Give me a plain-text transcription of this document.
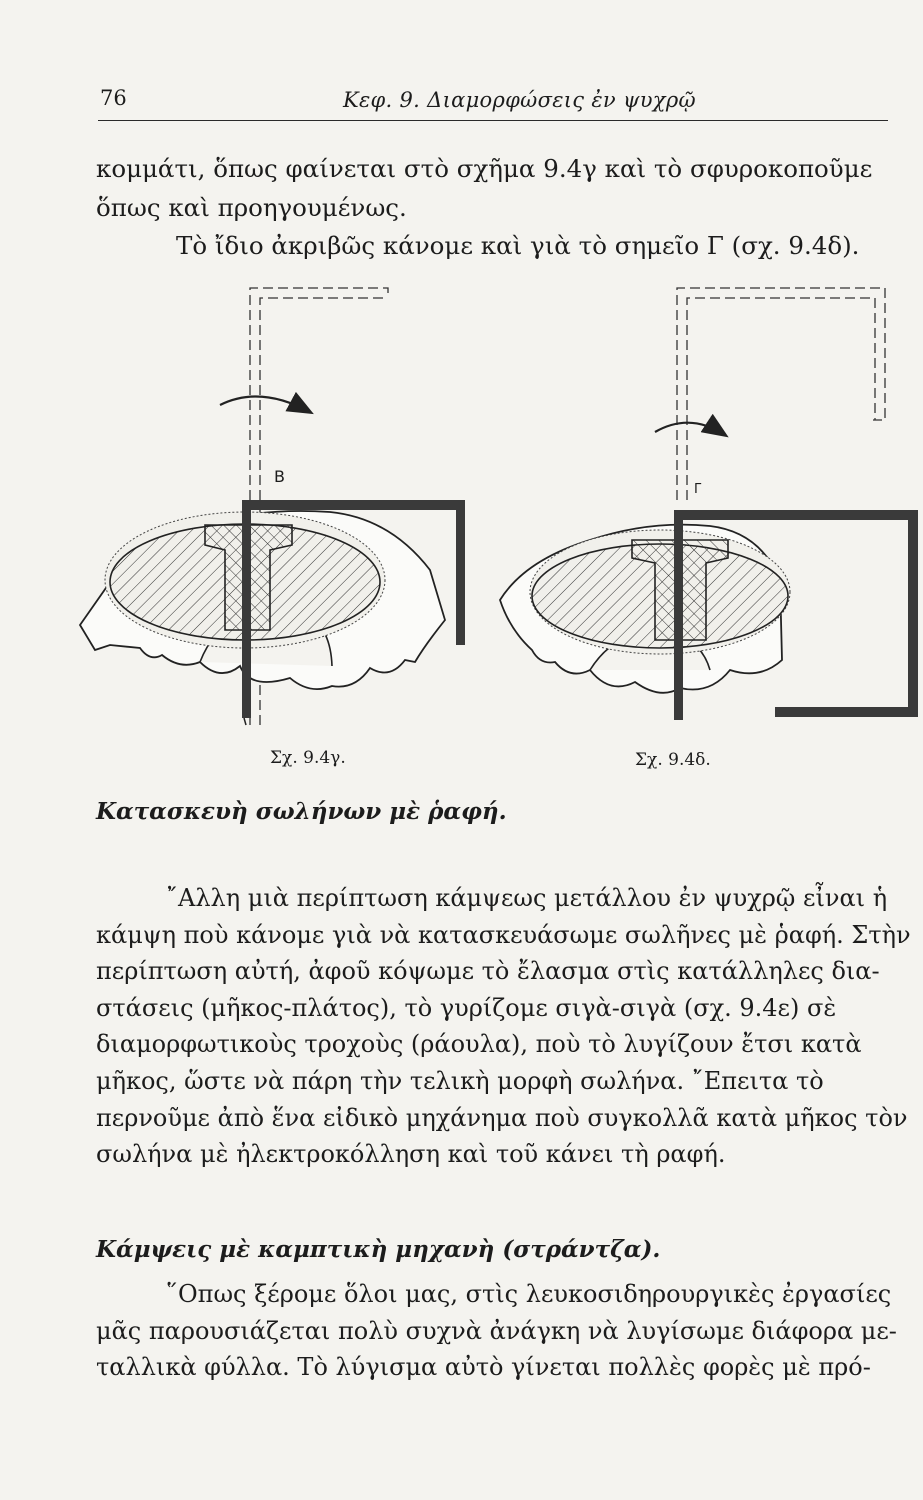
76	Κεφ. 9. Διαμορφώσεις ἐν ψυχρῷ

κομμάτι, ὅπως φαίνεται στὸ σχῆμα 9.4γ καὶ τὸ σφυροκοποῦμε
ὅπως καὶ προηγουμένως.
Τὸ ἴδιο ἀκριβῶς κάνομε καὶ γιὰ τὸ σημεῖο Γ (σχ. 9.4δ).

B
Γ
Σχ. 9.4γ.	Σχ. 9.4δ.
Κατασκευὴ σωλήνων μὲ ῥαφή.

῎Αλλη μιὰ περίπτωση κάμψεως μετάλλου ἐν ψυχρῷ εἶναι ἡ
κάμψη ποὺ κάνομε γιὰ νὰ κατασκευάσωμε σωλῆνες μὲ ῥαφή. Στὴν
περίπτωση αὐτή, ἀφοῦ κόψωμε τὸ ἔλασμα στὶς κατάλληλες δια-
στάσεις (μῆκος-πλάτος), τὸ γυρίζομε σιγὰ-σιγὰ (σχ. 9.4ε) σὲ
διαμορφωτικοὺς τροχοὺς (ράουλα), ποὺ τὸ λυγίζουν ἔτσι κατὰ
μῆκος, ὥστε νὰ πάρη τὴν τελικὴ μορφὴ σωλήνα. ῎Επειτα τὸ
περνοῦμε ἀπὸ ἕνα εἰδικὸ μηχάνημα ποὺ συγκολλᾶ κατὰ μῆκος τὸν
σωλήνα μὲ ἠλεκτροκόλληση καὶ τοῦ κάνει τὴ ραφή.

Κάμψεις μὲ καμπτικὴ μηχανὴ (στράντζα).

῞Οπως ξέρομε ὅλοι μας, στὶς λευκοσιδηρουργικὲς ἐργασίες
μᾶς παρουσιάζεται πολὺ συχνὰ ἀνάγκη νὰ λυγίσωμε διάφορα με-
ταλλικὰ φύλλα. Τὸ λύγισμα αὐτὸ γίνεται πολλὲς φορὲς μὲ πρό-
